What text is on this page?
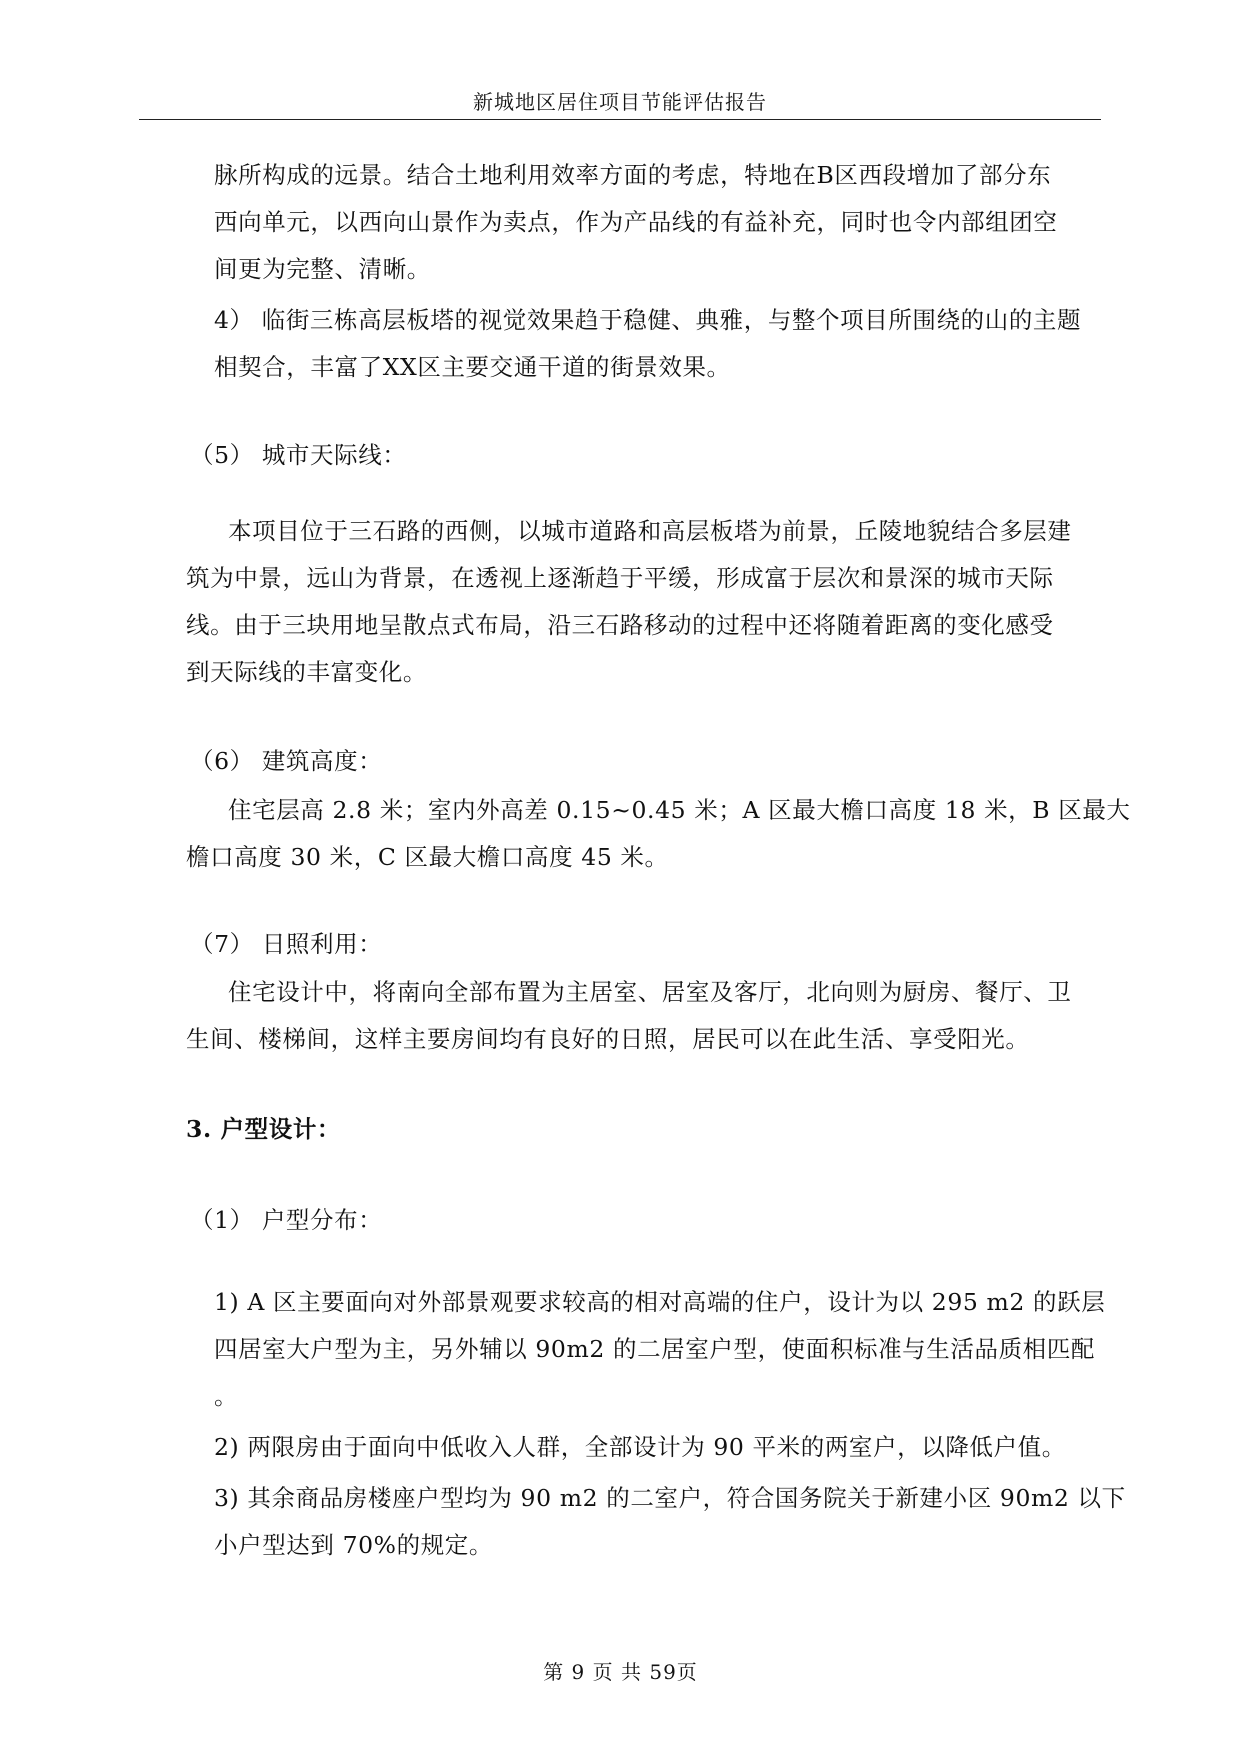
新城地区居住项目节能评估报告
脉所构成的远景。结合土地利用效率方面的考虑，特地在B区西段增加了部分东
西向单元，以西向山景作为卖点，作为产品线的有益补充，同时也令内部组团空
间更为完整、清晰。
4） 临街三栋高层板塔的视觉效果趋于稳健、典雅，与整个项目所围绕的山的主题
相契合，丰富了XX区主要交通干道的街景效果。
（5） 城市天际线：
本项目位于三石路的西侧，以城市道路和高层板塔为前景，丘陵地貌结合多层建
筑为中景，远山为背景，在透视上逐渐趋于平缓，形成富于层次和景深的城市天际
线。由于三块用地呈散点式布局，沿三石路移动的过程中还将随着距离的变化感受
到天际线的丰富变化。
（6） 建筑高度：
住宅层高 2.8 米；室内外高差 0.15~0.45 米；A 区最大檐口高度 18 米，B 区最大
檐口高度 30 米，C 区最大檐口高度 45 米。
（7） 日照利用：
住宅设计中，将南向全部布置为主居室、居室及客厅，北向则为厨房、餐厅、卫
生间、楼梯间，这样主要房间均有良好的日照，居民可以在此生活、享受阳光。
3. 户型设计：
（1） 户型分布：
1) A 区主要面向对外部景观要求较高的相对高端的住户，设计为以 295 m2 的跃层
四居室大户型为主，另外辅以 90m2 的二居室户型，使面积标准与生活品质相匹配
。
2) 两限房由于面向中低收入人群，全部设计为 90 平米的两室户，以降低户值。
3) 其余商品房楼座户型均为 90 m2 的二室户，符合国务院关于新建小区 90m2 以下
小户型达到 70%的规定。
第 9 页 共 59页
